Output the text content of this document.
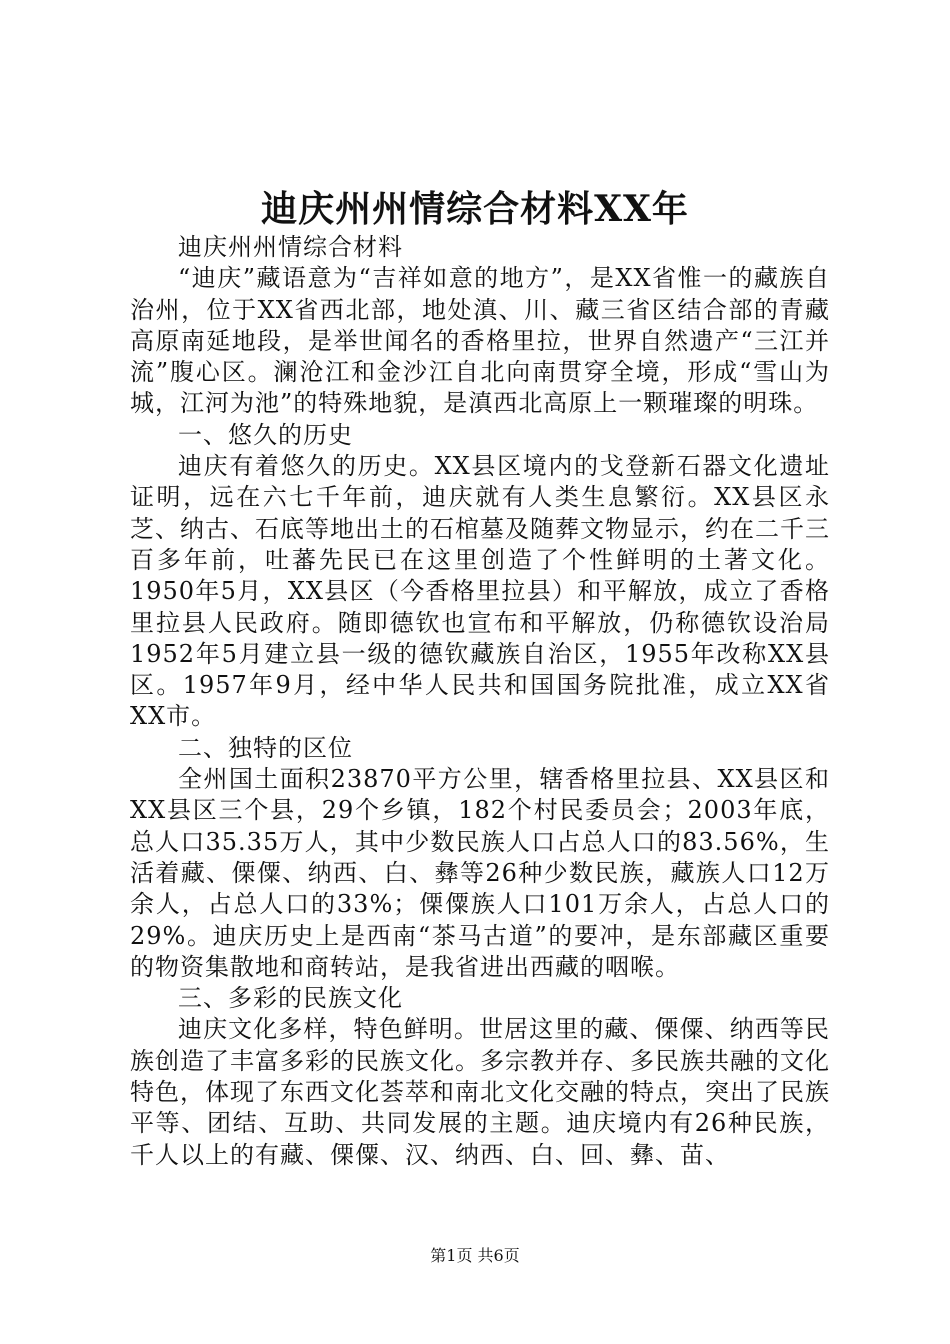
迪庆州州情综合材料XX年

迪庆州州情综合材料

“迪庆”藏语意为“吉祥如意的地方”，是XX省惟一的藏族自治州，位于XX省西北部，地处滇、川、藏三省区结合部的青藏高原南延地段，是举世闻名的香格里拉，世界自然遗产“三江并流”腹心区。澜沧江和金沙江自北向南贯穿全境，形成“雪山为城，江河为池”的特殊地貌，是滇西北高原上一颗璀璨的明珠。

一、悠久的历史

迪庆有着悠久的历史。XX县区境内的戈登新石器文化遗址证明，远在六七千年前，迪庆就有人类生息繁衍。XX县区永芝、纳古、石底等地出土的石棺墓及随葬文物显示，约在二千三百多年前，吐蕃先民已在这里创造了个性鲜明的土著文化。1950年5月，XX县区（今香格里拉县）和平解放，成立了香格里拉县人民政府。随即德钦也宣布和平解放，仍称德钦设治局1952年5月建立县一级的德钦藏族自治区，1955年改称XX县区。1957年9月，经中华人民共和国国务院批准，成立XX省XX市。

二、独特的区位

全州国土面积23870平方公里，辖香格里拉县、XX县区和XX县区三个县，29个乡镇，182个村民委员会；2003年底，总人口35.35万人，其中少数民族人口占总人口的83.56%，生活着藏、傈僳、纳西、白、彝等26种少数民族，藏族人口12万余人，占总人口的33%；傈僳族人口101万余人，占总人口的29%。迪庆历史上是西南“茶马古道”的要冲，是东部藏区重要的物资集散地和商转站，是我省进出西藏的咽喉。

三、多彩的民族文化

迪庆文化多样，特色鲜明。世居这里的藏、傈僳、纳西等民族创造了丰富多彩的民族文化。多宗教并存、多民族共融的文化特色，体现了东西文化荟萃和南北文化交融的特点，突出了民族平等、团结、互助、共同发展的主题。迪庆境内有26种民族，千人以上的有藏、傈僳、汉、纳西、白、回、彝、苗、

第1页 共6页
